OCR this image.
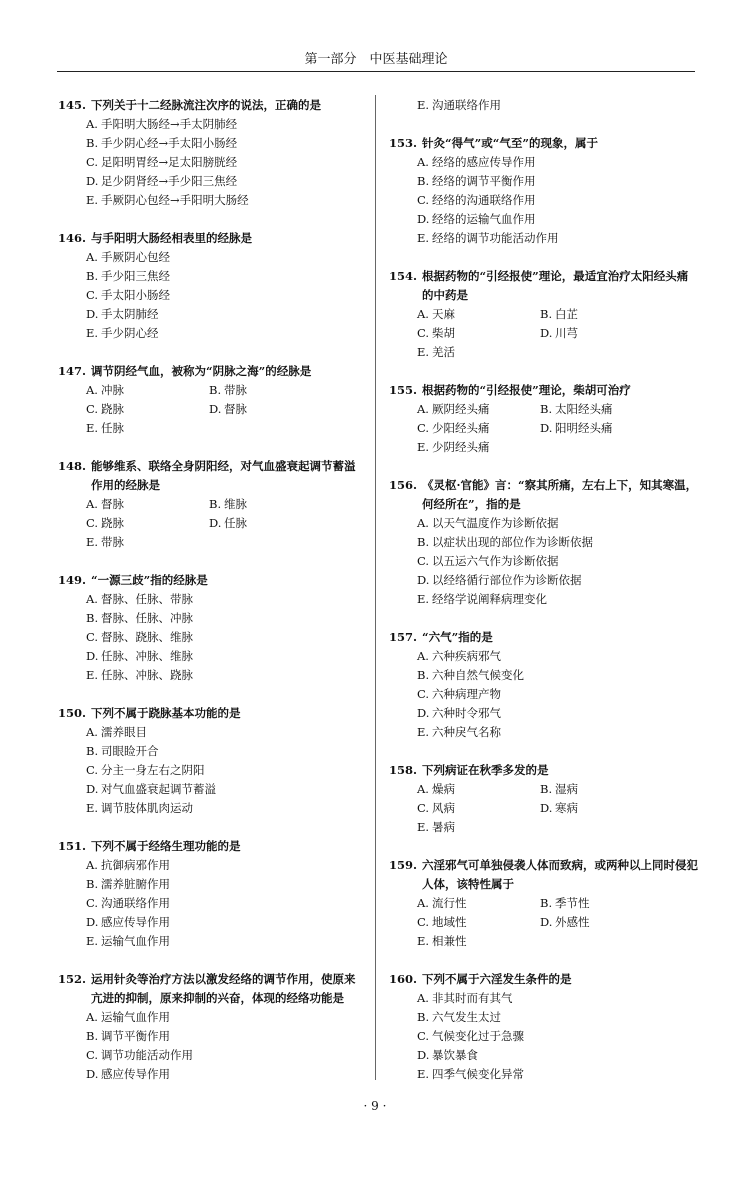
第一部分　中医基础理论
145. 下列关于十二经脉流注次序的说法，正确的是
A. 手阳明大肠经→手太阴肺经
B. 手少阴心经→手太阳小肠经
C. 足阳明胃经→足太阳膀胱经
D. 足少阴肾经→手少阳三焦经
E. 手厥阴心包经→手阳明大肠经
146. 与手阳明大肠经相表里的经脉是
A. 手厥阴心包经
B. 手少阳三焦经
C. 手太阳小肠经
D. 手太阴肺经
E. 手少阴心经
147. 调节阴经气血，被称为“阴脉之海”的经脉是
A. 冲脉	B. 带脉
C. 跷脉	D. 督脉
E. 任脉
148. 能够维系、联络全身阴阳经，对气血盛衰起调节蓄溢作用的经脉是
A. 督脉	B. 维脉
C. 跷脉	D. 任脉
E. 带脉
149. “一源三歧”指的经脉是
A. 督脉、任脉、带脉
B. 督脉、任脉、冲脉
C. 督脉、跷脉、维脉
D. 任脉、冲脉、维脉
E. 任脉、冲脉、跷脉
150. 下列不属于跷脉基本功能的是
A. 濡养眼目
B. 司眼睑开合
C. 分主一身左右之阴阳
D. 对气血盛衰起调节蓄溢
E. 调节肢体肌肉运动
151. 下列不属于经络生理功能的是
A. 抗御病邪作用
B. 濡养脏腑作用
C. 沟通联络作用
D. 感应传导作用
E. 运输气血作用
152. 运用针灸等治疗方法以激发经络的调节作用，使原来亢进的抑制，原来抑制的兴奋，体现的经络功能是
A. 运输气血作用
B. 调节平衡作用
C. 调节功能活动作用
D. 感应传导作用
E. 沟通联络作用
153. 针灸“得气”或“气至”的现象，属于
A. 经络的感应传导作用
B. 经络的调节平衡作用
C. 经络的沟通联络作用
D. 经络的运输气血作用
E. 经络的调节功能活动作用
154. 根据药物的“引经报使”理论，最适宜治疗太阳经头痛的中药是
A. 天麻	B. 白芷
C. 柴胡	D. 川芎
E. 羌活
155. 根据药物的“引经报使”理论，柴胡可治疗
A. 厥阴经头痛	B. 太阳经头痛
C. 少阳经头痛	D. 阳明经头痛
E. 少阴经头痛
156. 《灵枢·官能》言：“察其所痛，左右上下，知其寒温，何经所在”，指的是
A. 以天气温度作为诊断依据
B. 以症状出现的部位作为诊断依据
C. 以五运六气作为诊断依据
D. 以经络循行部位作为诊断依据
E. 经络学说阐释病理变化
157. “六气”指的是
A. 六种疾病邪气
B. 六种自然气候变化
C. 六种病理产物
D. 六种时令邪气
E. 六种戾气名称
158. 下列病证在秋季多发的是
A. 燥病	B. 湿病
C. 风病	D. 寒病
E. 暑病
159. 六淫邪气可单独侵袭人体而致病，或两种以上同时侵犯人体，该特性属于
A. 流行性	B. 季节性
C. 地域性	D. 外感性
E. 相兼性
160. 下列不属于六淫发生条件的是
A. 非其时而有其气
B. 六气发生太过
C. 气候变化过于急骤
D. 暴饮暴食
E. 四季气候变化异常
· 9 ·
